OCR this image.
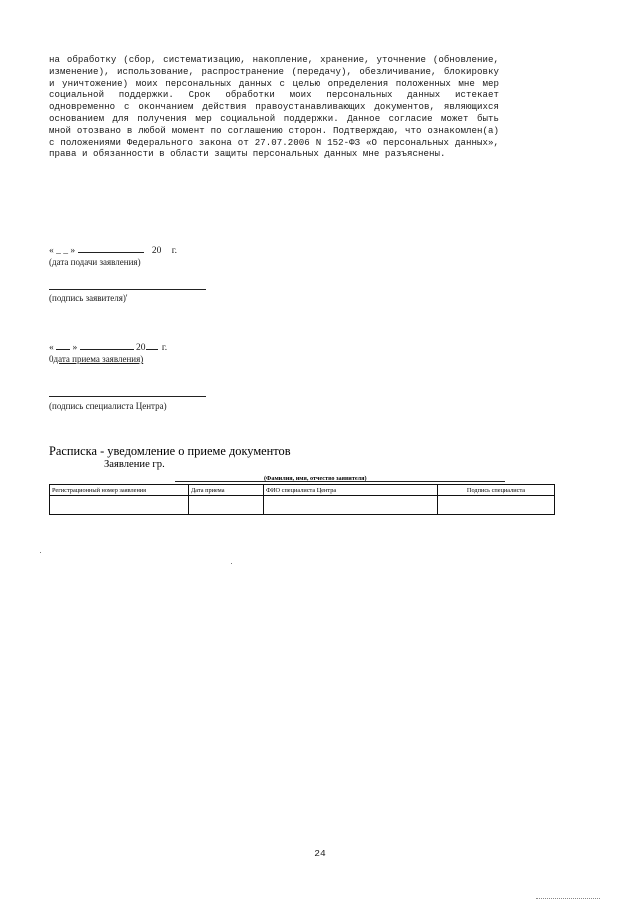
на обработку (сбор, систематизацию, накопление, хранение, уточнение (обновление, изменение), использование, распространение (передачу), обезличивание, блокировку и уничтожение) моих персональных данных с целью определения положенных мне мер социальной поддержки. Срок обработки моих персональных данных истекает одновременно с окончанием действия правоустанавливающих документов, являющихся основанием для получения мер социальной поддержки. Данное согласие может быть мной отозвано в любой момент по соглашению сторон. Подтверждаю, что ознакомлен(а) с положениями Федерального закона от 27.07.2006 N 152-ФЗ «О персональных данных», права и обязанности в области защиты персональных данных мне разъяснены.
« _ _ »	20 г.
(дата подачи заявления)
(подпись заявителя)'
« »	20 г.
0дата приема заявления)
(подпись специалиста Центра)
Расписка - уведомление о приеме документов
Заявление гр.
(Фамилия, имя, отчество заявителя)
Регистрационный номер заявления	Дата приема	ФИО специалиста Центра	Подпись специалиста

24
